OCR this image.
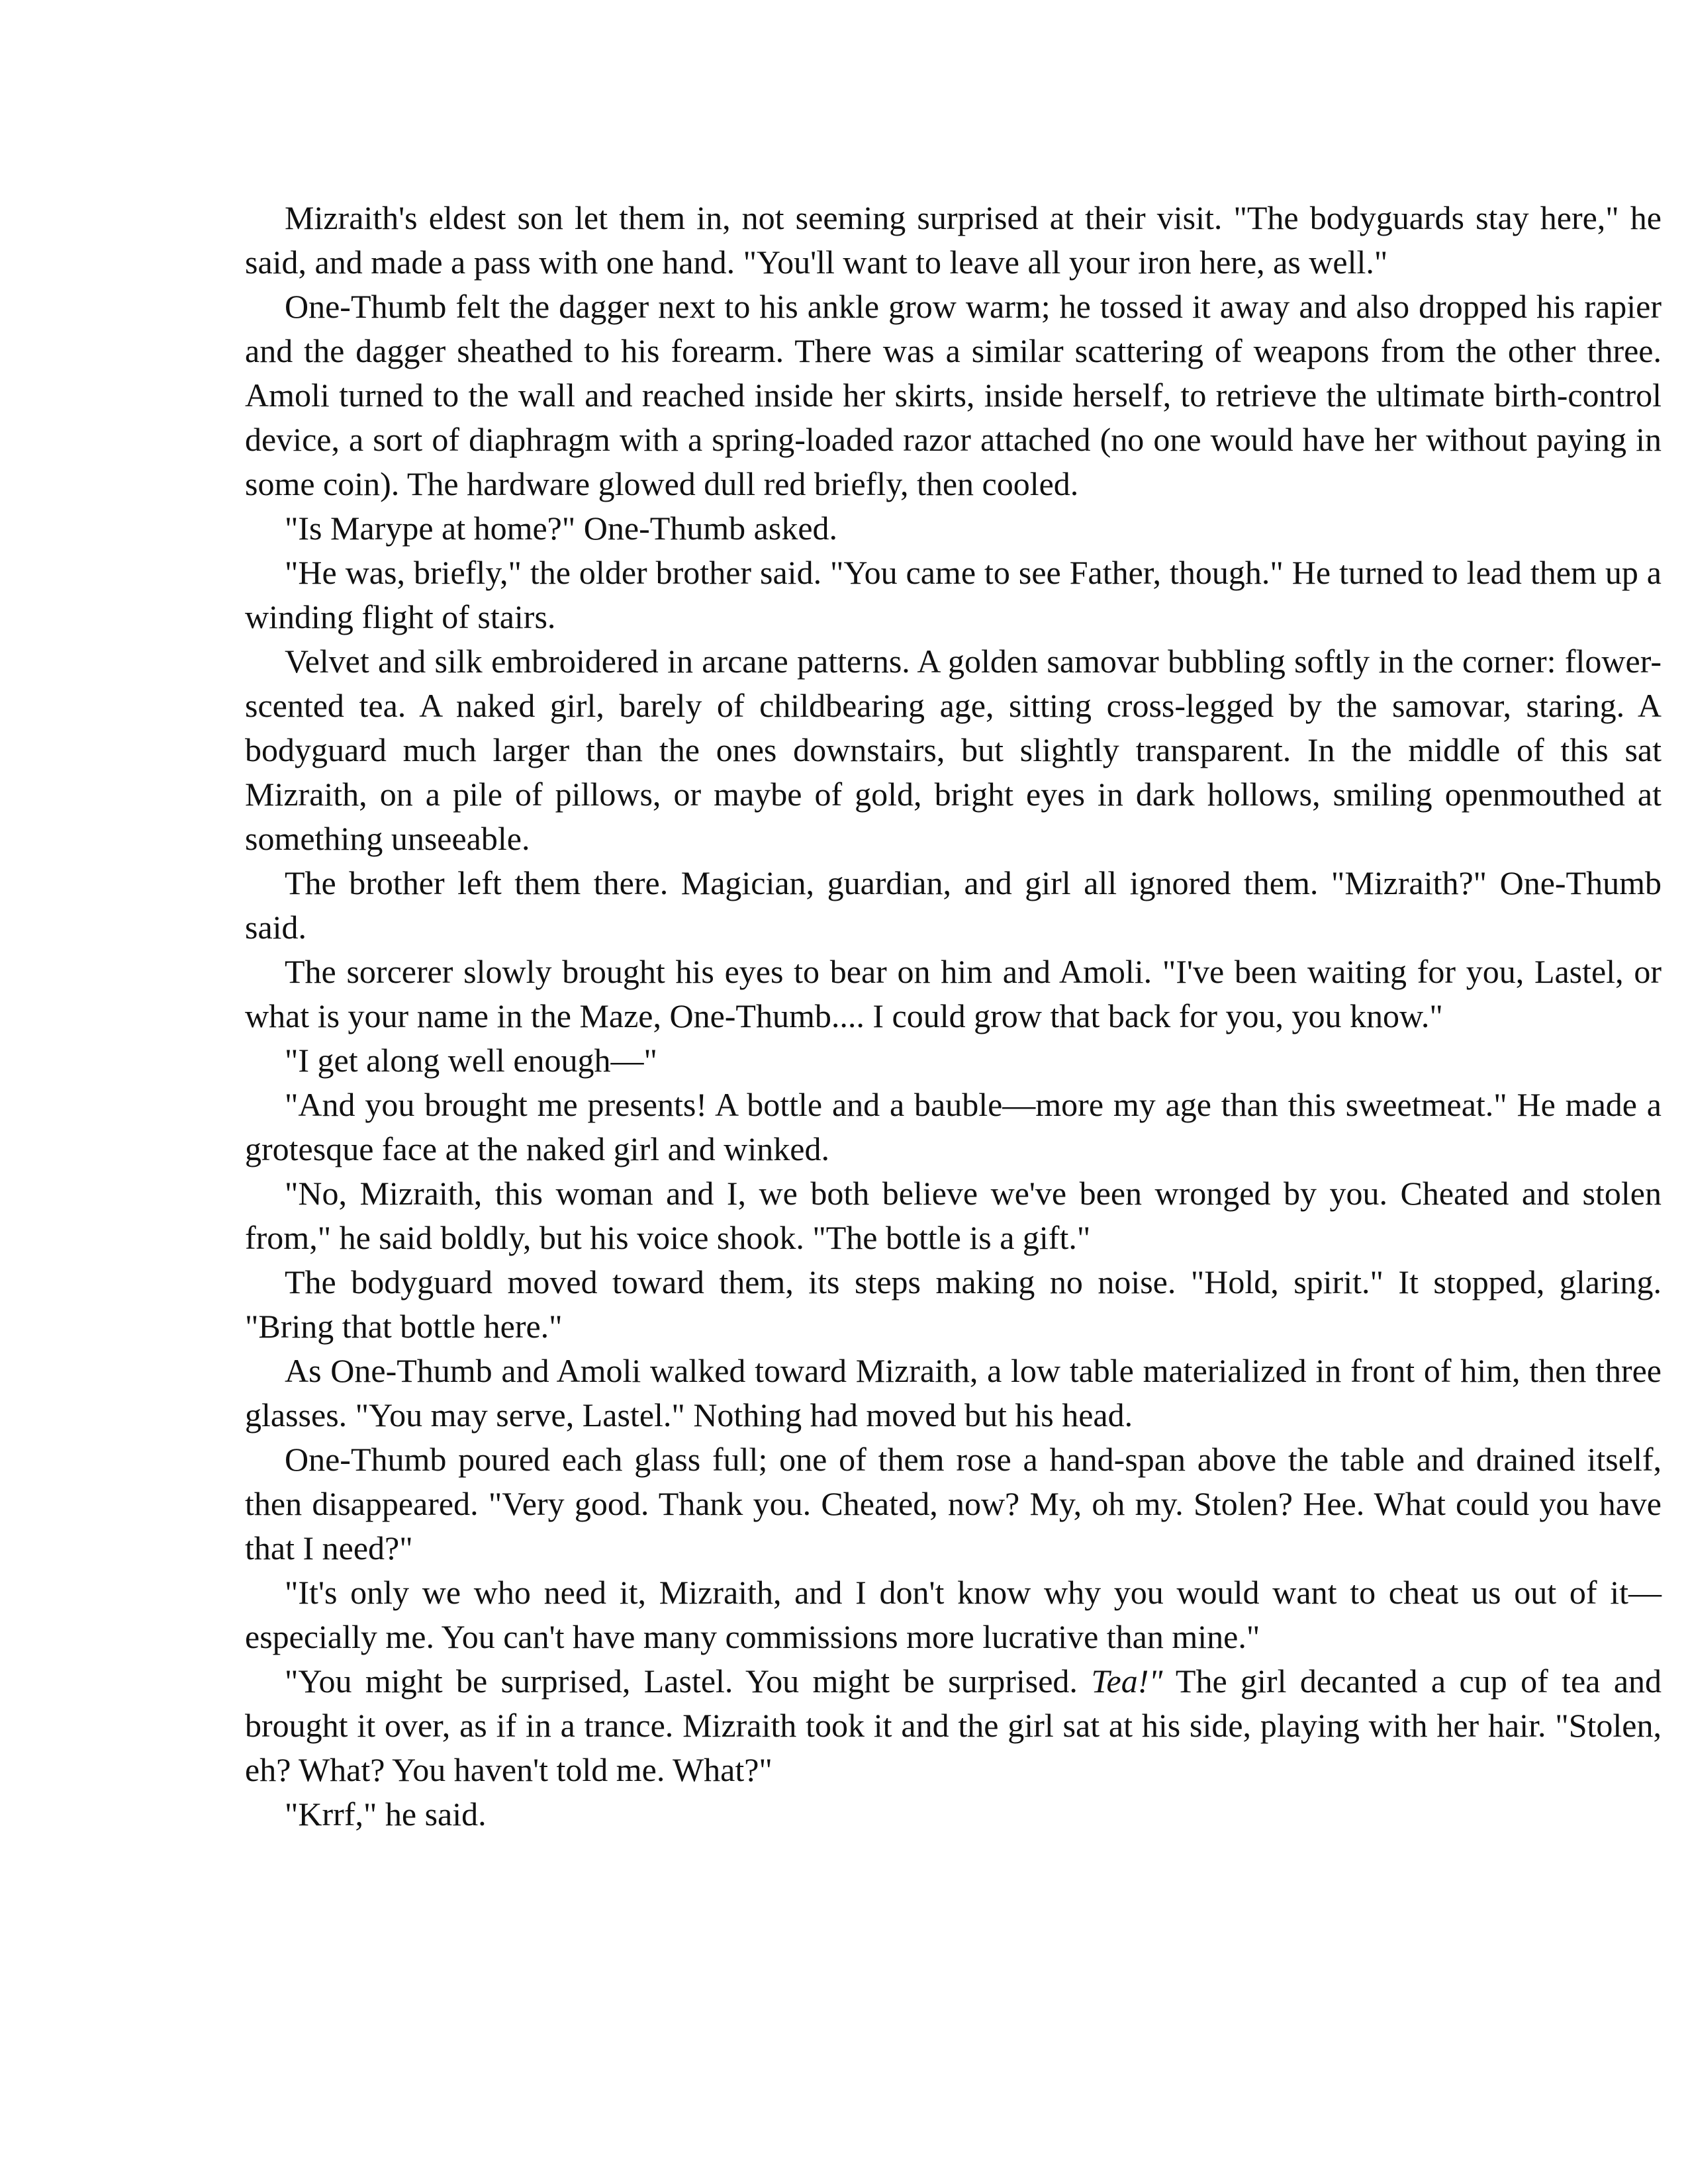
Mizraith's eldest son let them in, not seeming surprised at their visit. "The bodyguards stay here," he said, and made a pass with one hand. "You'll want to leave all your iron here, as well."

One-Thumb felt the dagger next to his ankle grow warm; he tossed it away and also dropped his rapier and the dagger sheathed to his forearm. There was a similar scattering of weapons from the other three. Amoli turned to the wall and reached inside her skirts, inside herself, to retrieve the ultimate birth-control device, a sort of diaphragm with a spring-loaded razor attached (no one would have her without paying in some coin). The hardware glowed dull red briefly, then cooled.

"Is Marype at home?" One-Thumb asked.

"He was, briefly," the older brother said. "You came to see Father, though." He turned to lead them up a winding flight of stairs.

Velvet and silk embroidered in arcane patterns. A golden samovar bubbling softly in the corner: flower-scented tea. A naked girl, barely of childbearing age, sitting cross-legged by the samovar, staring. A bodyguard much larger than the ones downstairs, but slightly transparent. In the middle of this sat Mizraith, on a pile of pillows, or maybe of gold, bright eyes in dark hollows, smiling openmouthed at something unseeable.

The brother left them there. Magician, guardian, and girl all ignored them. "Mizraith?" One-Thumb said.

The sorcerer slowly brought his eyes to bear on him and Amoli. "I've been waiting for you, Lastel, or what is your name in the Maze, One-Thumb.... I could grow that back for you, you know."

"I get along well enough—"

"And you brought me presents! A bottle and a bauble—more my age than this sweetmeat." He made a grotesque face at the naked girl and winked.

"No, Mizraith, this woman and I, we both believe we've been wronged by you. Cheated and stolen from," he said boldly, but his voice shook. "The bottle is a gift."

The bodyguard moved toward them, its steps making no noise. "Hold, spirit." It stopped, glaring. "Bring that bottle here."

As One-Thumb and Amoli walked toward Mizraith, a low table materialized in front of him, then three glasses. "You may serve, Lastel." Nothing had moved but his head.

One-Thumb poured each glass full; one of them rose a hand-span above the table and drained itself, then disappeared. "Very good. Thank you. Cheated, now? My, oh my. Stolen? Hee. What could you have that I need?"

"It's only we who need it, Mizraith, and I don't know why you would want to cheat us out of it—especially me. You can't have many commissions more lucrative than mine."

"You might be surprised, Lastel. You might be surprised. Tea!" The girl decanted a cup of tea and brought it over, as if in a trance. Mizraith took it and the girl sat at his side, playing with her hair. "Stolen, eh? What? You haven't told me. What?"

"Krrf," he said.
